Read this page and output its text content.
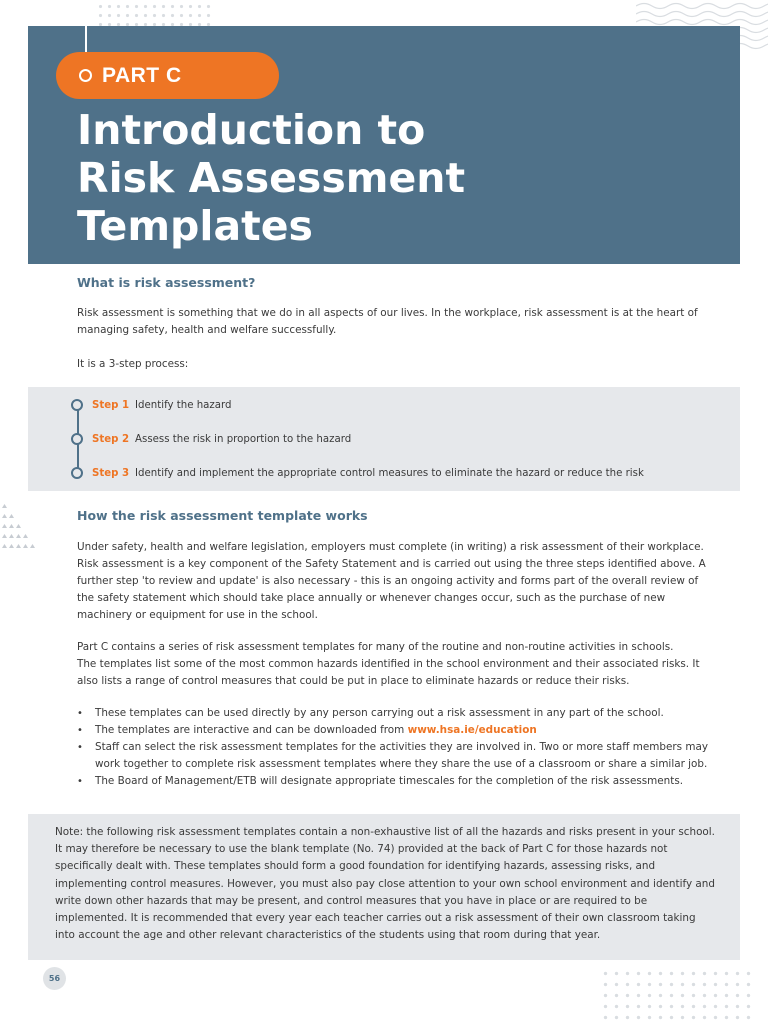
PART C
Introduction to
Risk Assessment
Templates
What is risk assessment?

Risk assessment is something that we do in all aspects of our lives. In the workplace, risk assessment is at the heart of managing safety, health and welfare successfully.

It is a 3-step process:

Step 1 Identify the hazard
Step 2 Assess the risk in proportion to the hazard
Step 3 Identify and implement the appropriate control measures to eliminate the hazard or reduce the risk
How the risk assessment template works

Under safety, health and welfare legislation, employers must complete (in writing) a risk assessment of their workplace. Risk assessment is a key component of the Safety Statement and is carried out using the three steps identified above. A further step 'to review and update' is also necessary - this is an ongoing activity and forms part of the overall review of the safety statement which should take place annually or whenever changes occur, such as the purchase of new machinery or equipment for use in the school.

Part C contains a series of risk assessment templates for many of the routine and non-routine activities in schools.
The templates list some of the most common hazards identified in the school environment and their associated risks. It also lists a range of control measures that could be put in place to eliminate hazards or reduce their risks.

• These templates can be used directly by any person carrying out a risk assessment in any part of the school.
• The templates are interactive and can be downloaded from www.hsa.ie/education
• Staff can select the risk assessment templates for the activities they are involved in. Two or more staff members may work together to complete risk assessment templates where they share the use of a classroom or share a similar job.
• The Board of Management/ETB will designate appropriate timescales for the completion of the risk assessments.

Note: the following risk assessment templates contain a non-exhaustive list of all the hazards and risks present in your school. It may therefore be necessary to use the blank template (No. 74) provided at the back of Part C for those hazards not specifically dealt with. These templates should form a good foundation for identifying hazards, assessing risks, and implementing control measures. However, you must also pay close attention to your own school environment and identify and write down other hazards that may be present, and control measures that you have in place or are required to be implemented. It is recommended that every year each teacher carries out a risk assessment of their own classroom taking into account the age and other relevant characteristics of the students using that room during that year.

56
